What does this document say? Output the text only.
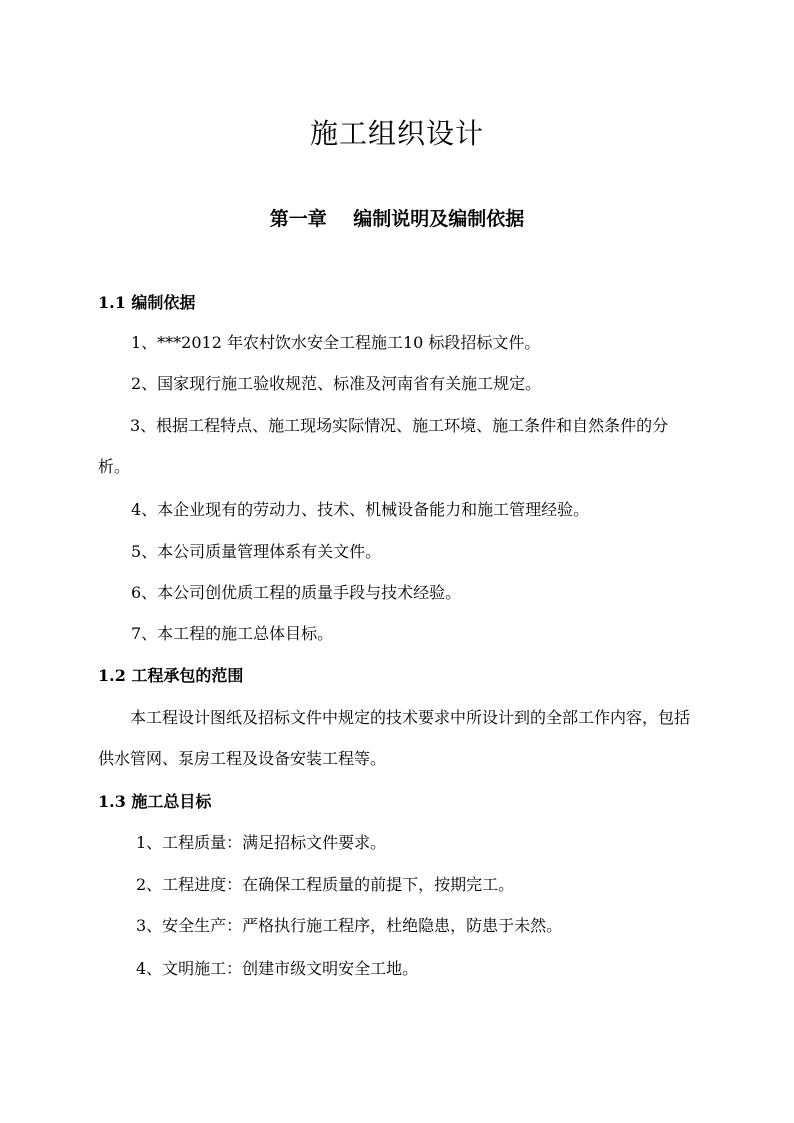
施工组织设计
第一章    编制说明及编制依据
1.1 编制依据
1、***2012 年农村饮水安全工程施工10 标段招标文件。
2、国家现行施工验收规范、标准及河南省有关施工规定。

3、根据工程特点、施工现场实际情况、施工环境、施工条件和自然条件的分析。

4、本企业现有的劳动力、技术、机械设备能力和施工管理经验。
5、本公司质量管理体系有关文件。
6、本公司创优质工程的质量手段与技术经验。
7、本工程的施工总体目标。
1.2 工程承包的范围

本工程设计图纸及招标文件中规定的技术要求中所设计到的全部工作内容，包括供水管网、泵房工程及设备安装工程等。

1.3 施工总目标
1、工程质量：满足招标文件要求。
2、工程进度：在确保工程质量的前提下，按期完工。
3、安全生产：严格执行施工程序，杜绝隐患，防患于未然。
4、文明施工：创建市级文明安全工地。
